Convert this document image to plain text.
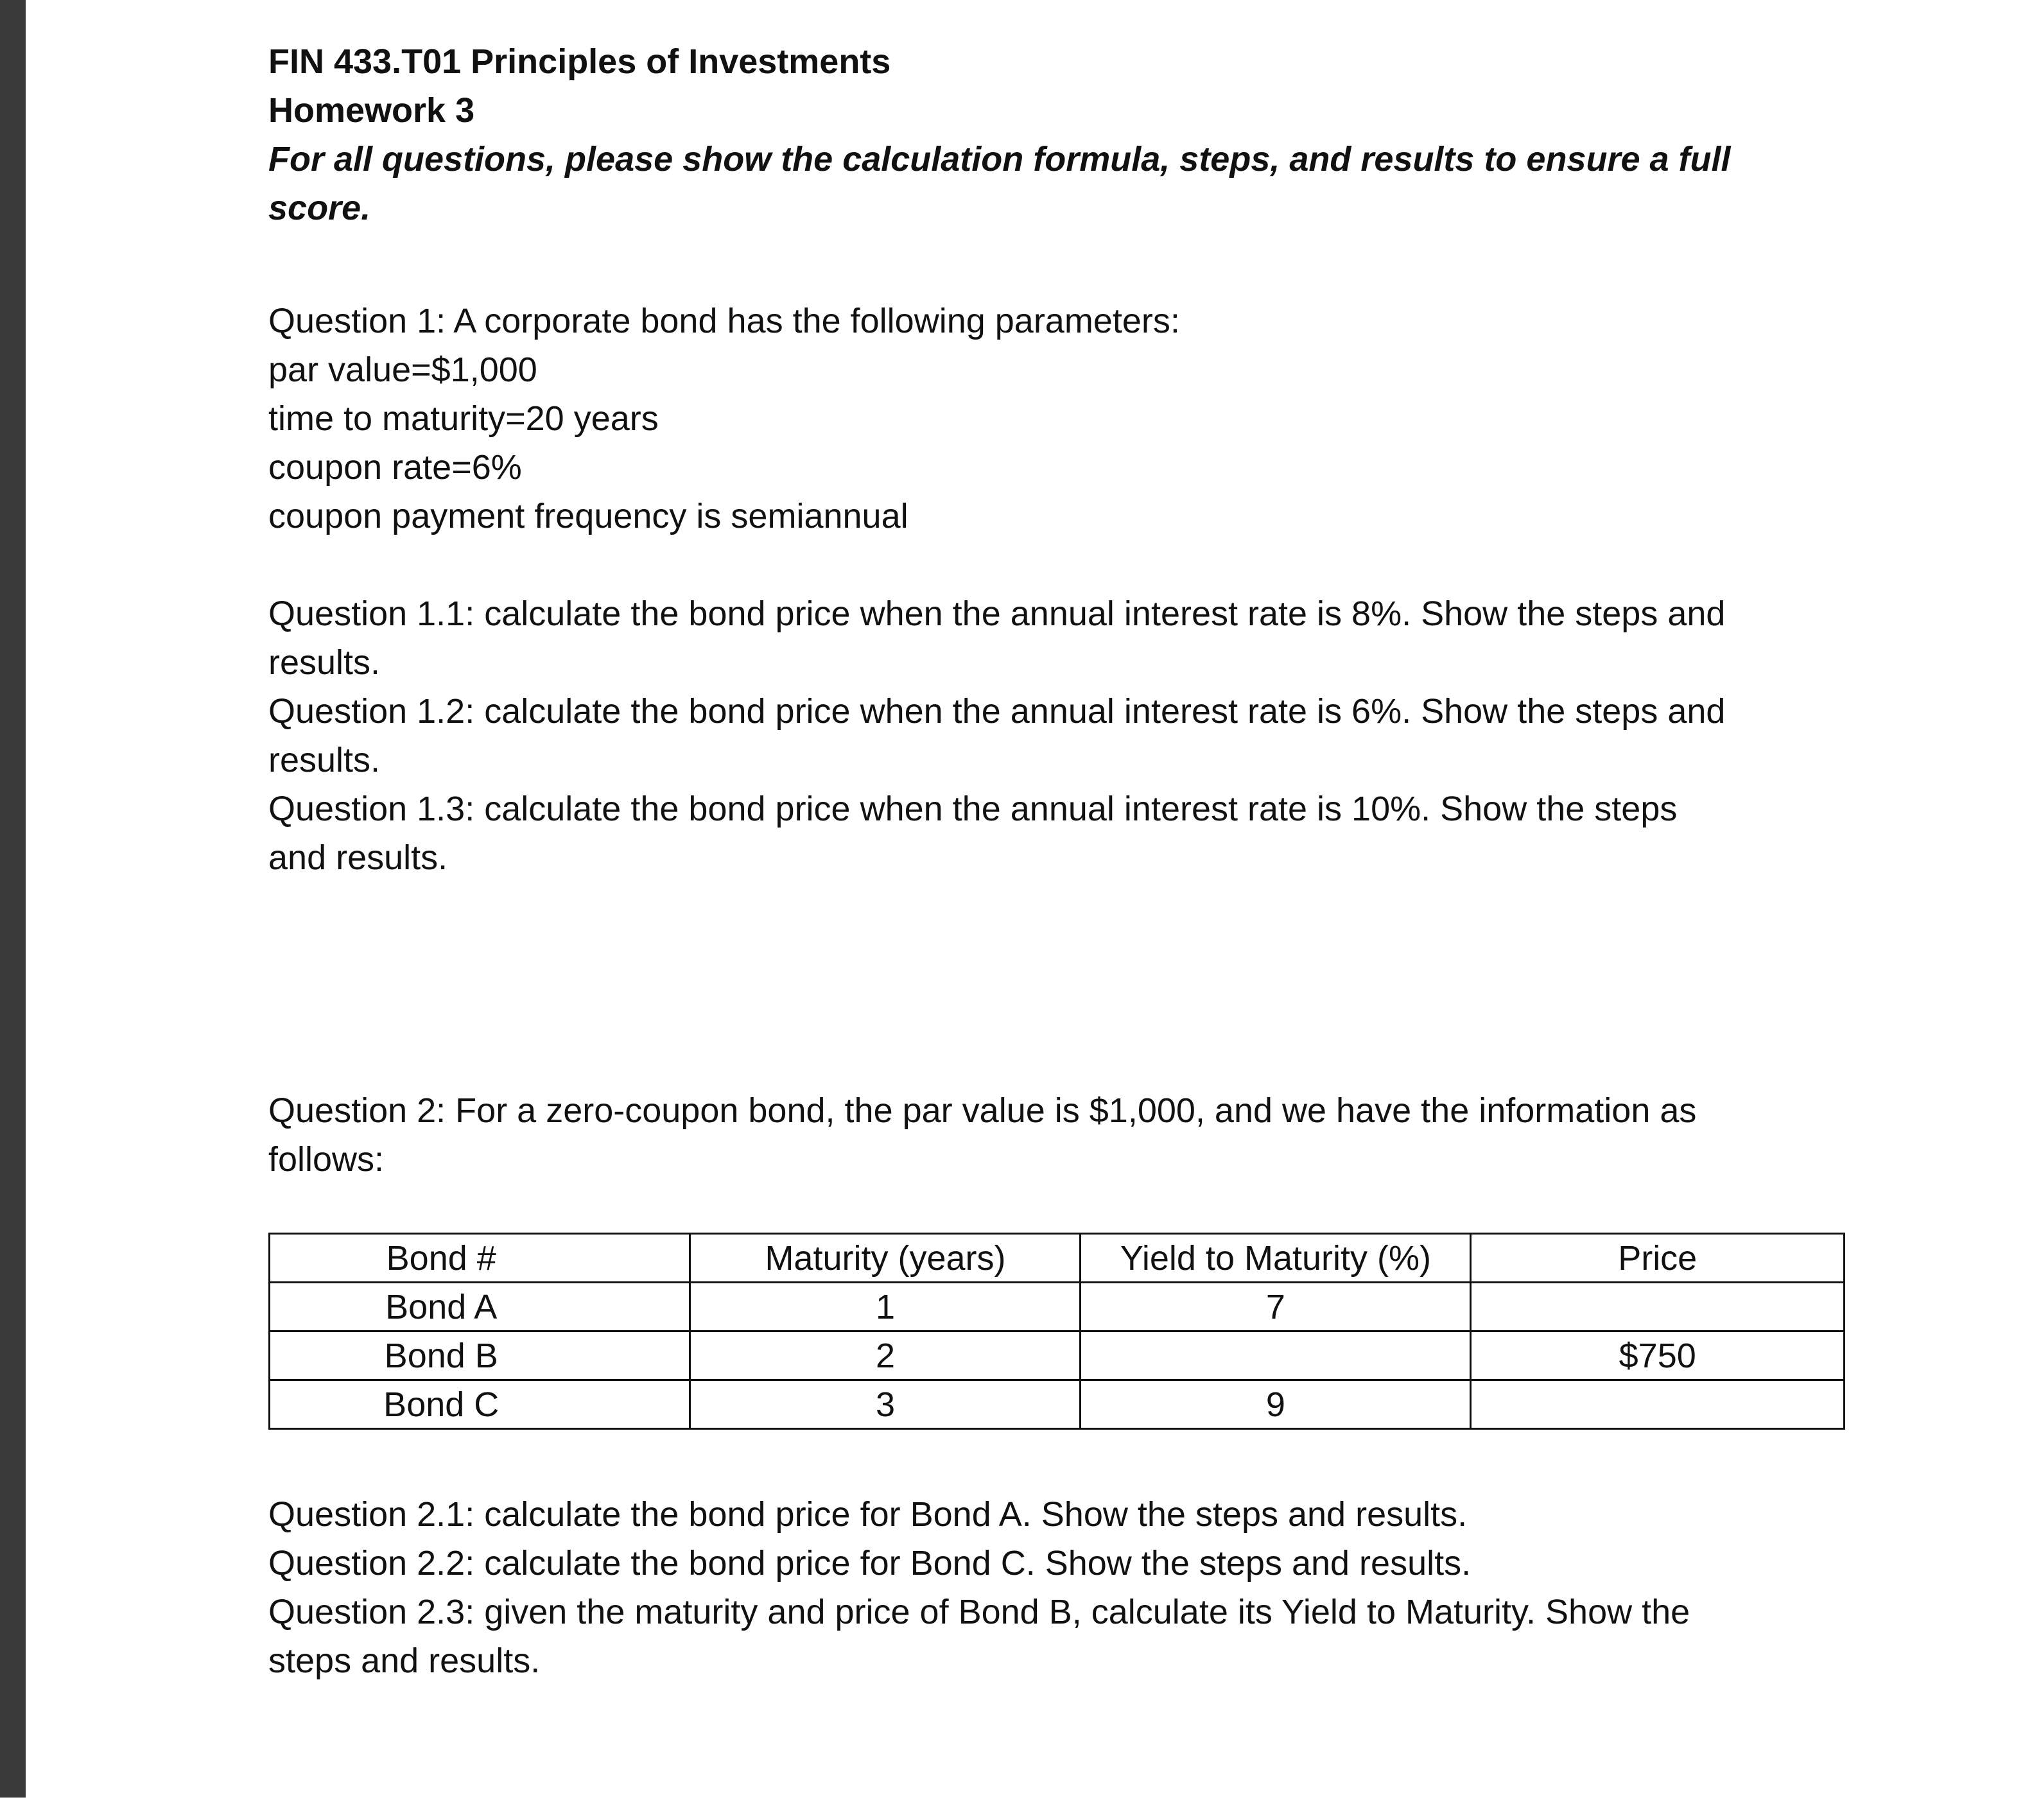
FIN 433.T01 Principles of Investments
Homework 3
For all questions, please show the calculation formula, steps, and results to ensure a full
score.
Question 1: A corporate bond has the following parameters:
par value=$1,000
time to maturity=20 years
coupon rate=6%
coupon payment frequency is semiannual
Question 1.1: calculate the bond price when the annual interest rate is 8%. Show the steps and
results.
Question 1.2: calculate the bond price when the annual interest rate is 6%. Show the steps and
results.
Question 1.3: calculate the bond price when the annual interest rate is 10%. Show the steps
and results.
Question 2: For a zero-coupon bond, the par value is $1,000, and we have the information as
follows:
Bond #	Maturity (years)	Yield to Maturity (%)	Price
Bond A	1	7	
Bond B	2		$750
Bond C	3	9	
Question 2.1: calculate the bond price for Bond A. Show the steps and results.
Question 2.2: calculate the bond price for Bond C. Show the steps and results.
Question 2.3: given the maturity and price of Bond B, calculate its Yield to Maturity. Show the
steps and results.
